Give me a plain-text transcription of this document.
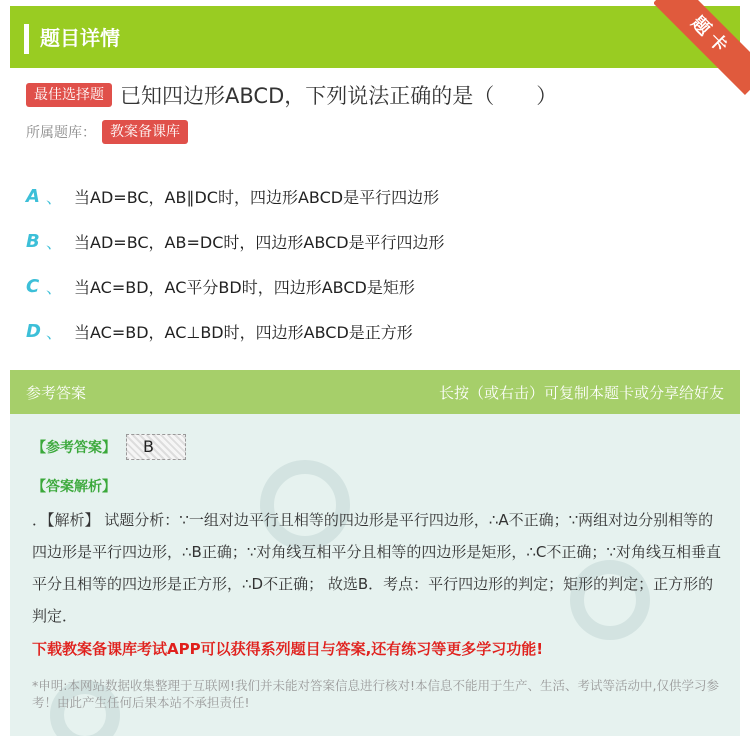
题目详情	题卡
最佳选择题 已知四边形ABCD，下列说法正确的是（　　）
所属题库：	教案备课库
A 、 当AD=BC，AB∥DC时，四边形ABCD是平行四边形
B 、 当AD=BC，AB=DC时，四边形ABCD是平行四边形
C 、 当AC=BD，AC平分BD时，四边形ABCD是矩形
D 、 当AC=BD，AC⊥BD时，四边形ABCD是正方形
参考答案	长按（或右击）可复制本题卡或分享给好友
【参考答案】	B
【答案解析】
．【解析】 试题分析：∵一组对边平行且相等的四边形是平行四边形，∴A不正确；∵两组对边分别相等的四边形是平行四边形，∴B正确；∵对角线互相平分且相等的四边形是矩形，∴C不正确；∵对角线互相垂直平分且相等的四边形是正方形，∴D不正确； 故选B．考点：平行四边形的判定；矩形的判定；正方形的判定．
下载教案备课库考试APP可以获得系列题目与答案,还有练习等更多学习功能!
*申明:本网站数据收集整理于互联网!我们并未能对答案信息进行核对!本信息不能用于生产、生活、考试等活动中,仅供学习参考！由此产生任何后果本站不承担责任!
